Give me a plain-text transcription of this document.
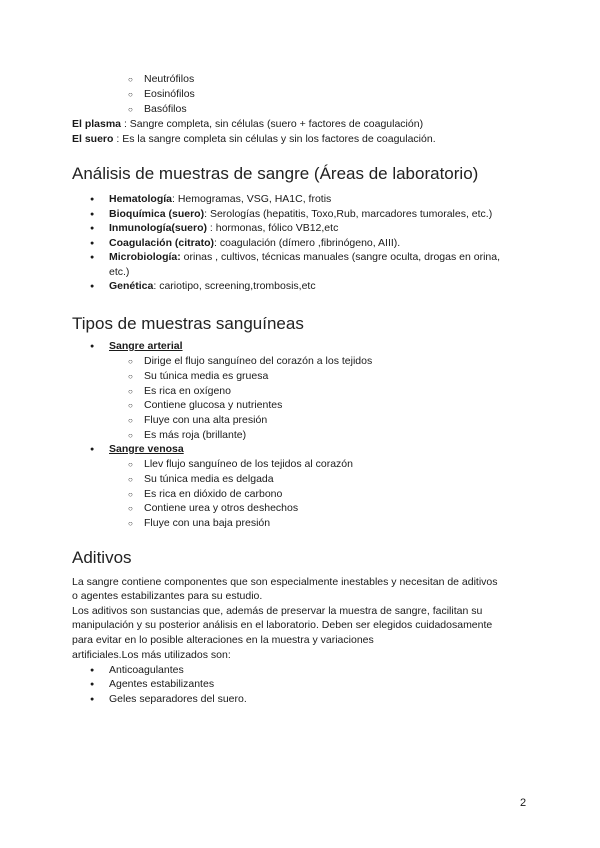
Neutrófilos
Eosinófilos
Basófilos
El plasma : Sangre completa, sin células (suero + factores de coagulación)
El suero : Es la sangre completa sin células y sin los factores de coagulación.
Análisis de muestras de sangre (Áreas de laboratorio)
Hematología: Hemogramas, VSG, HA1C, frotis
Bioquímica (suero): Serologías (hepatitis, Toxo,Rub, marcadores tumorales, etc.)
Inmunología(suero) : hormonas, fólico VB12,etc
Coagulación (citrato): coagulación (dímero ,fibrinógeno, AIII).
● Microbiología: orinas , cultivos, técnicas manuales (sangre oculta, drogas en orina, etc.)
Genética: cariotipo, screening,trombosis,etc
Tipos de muestras sanguíneas
Sangre arterial
Dirige el flujo sanguíneo del corazón a los tejidos
Su túnica media es gruesa
Es rica en oxígeno
Contiene glucosa y nutrientes
Fluye con una alta presión
Es más roja (brillante)
Sangre venosa
Llev flujo sanguíneo de los tejidos al corazón
Su túnica media es delgada
Es rica en dióxido de carbono
Contiene urea y otros deshechos
Fluye con una baja presión
Aditivos
La sangre contiene componentes que son especialmente inestables y necesitan de aditivos
o agentes estabilizantes para su estudio.
Los aditivos son sustancias que, además de preservar la muestra de sangre, facilitan su
manipulación y su posterior análisis en el laboratorio. Deben ser elegidos cuidadosamente
para evitar en lo posible alteraciones en la muestra y variaciones
artificiales.Los más utilizados son:
Anticoagulantes
Agentes estabilizantes
Geles separadores del suero.
2
